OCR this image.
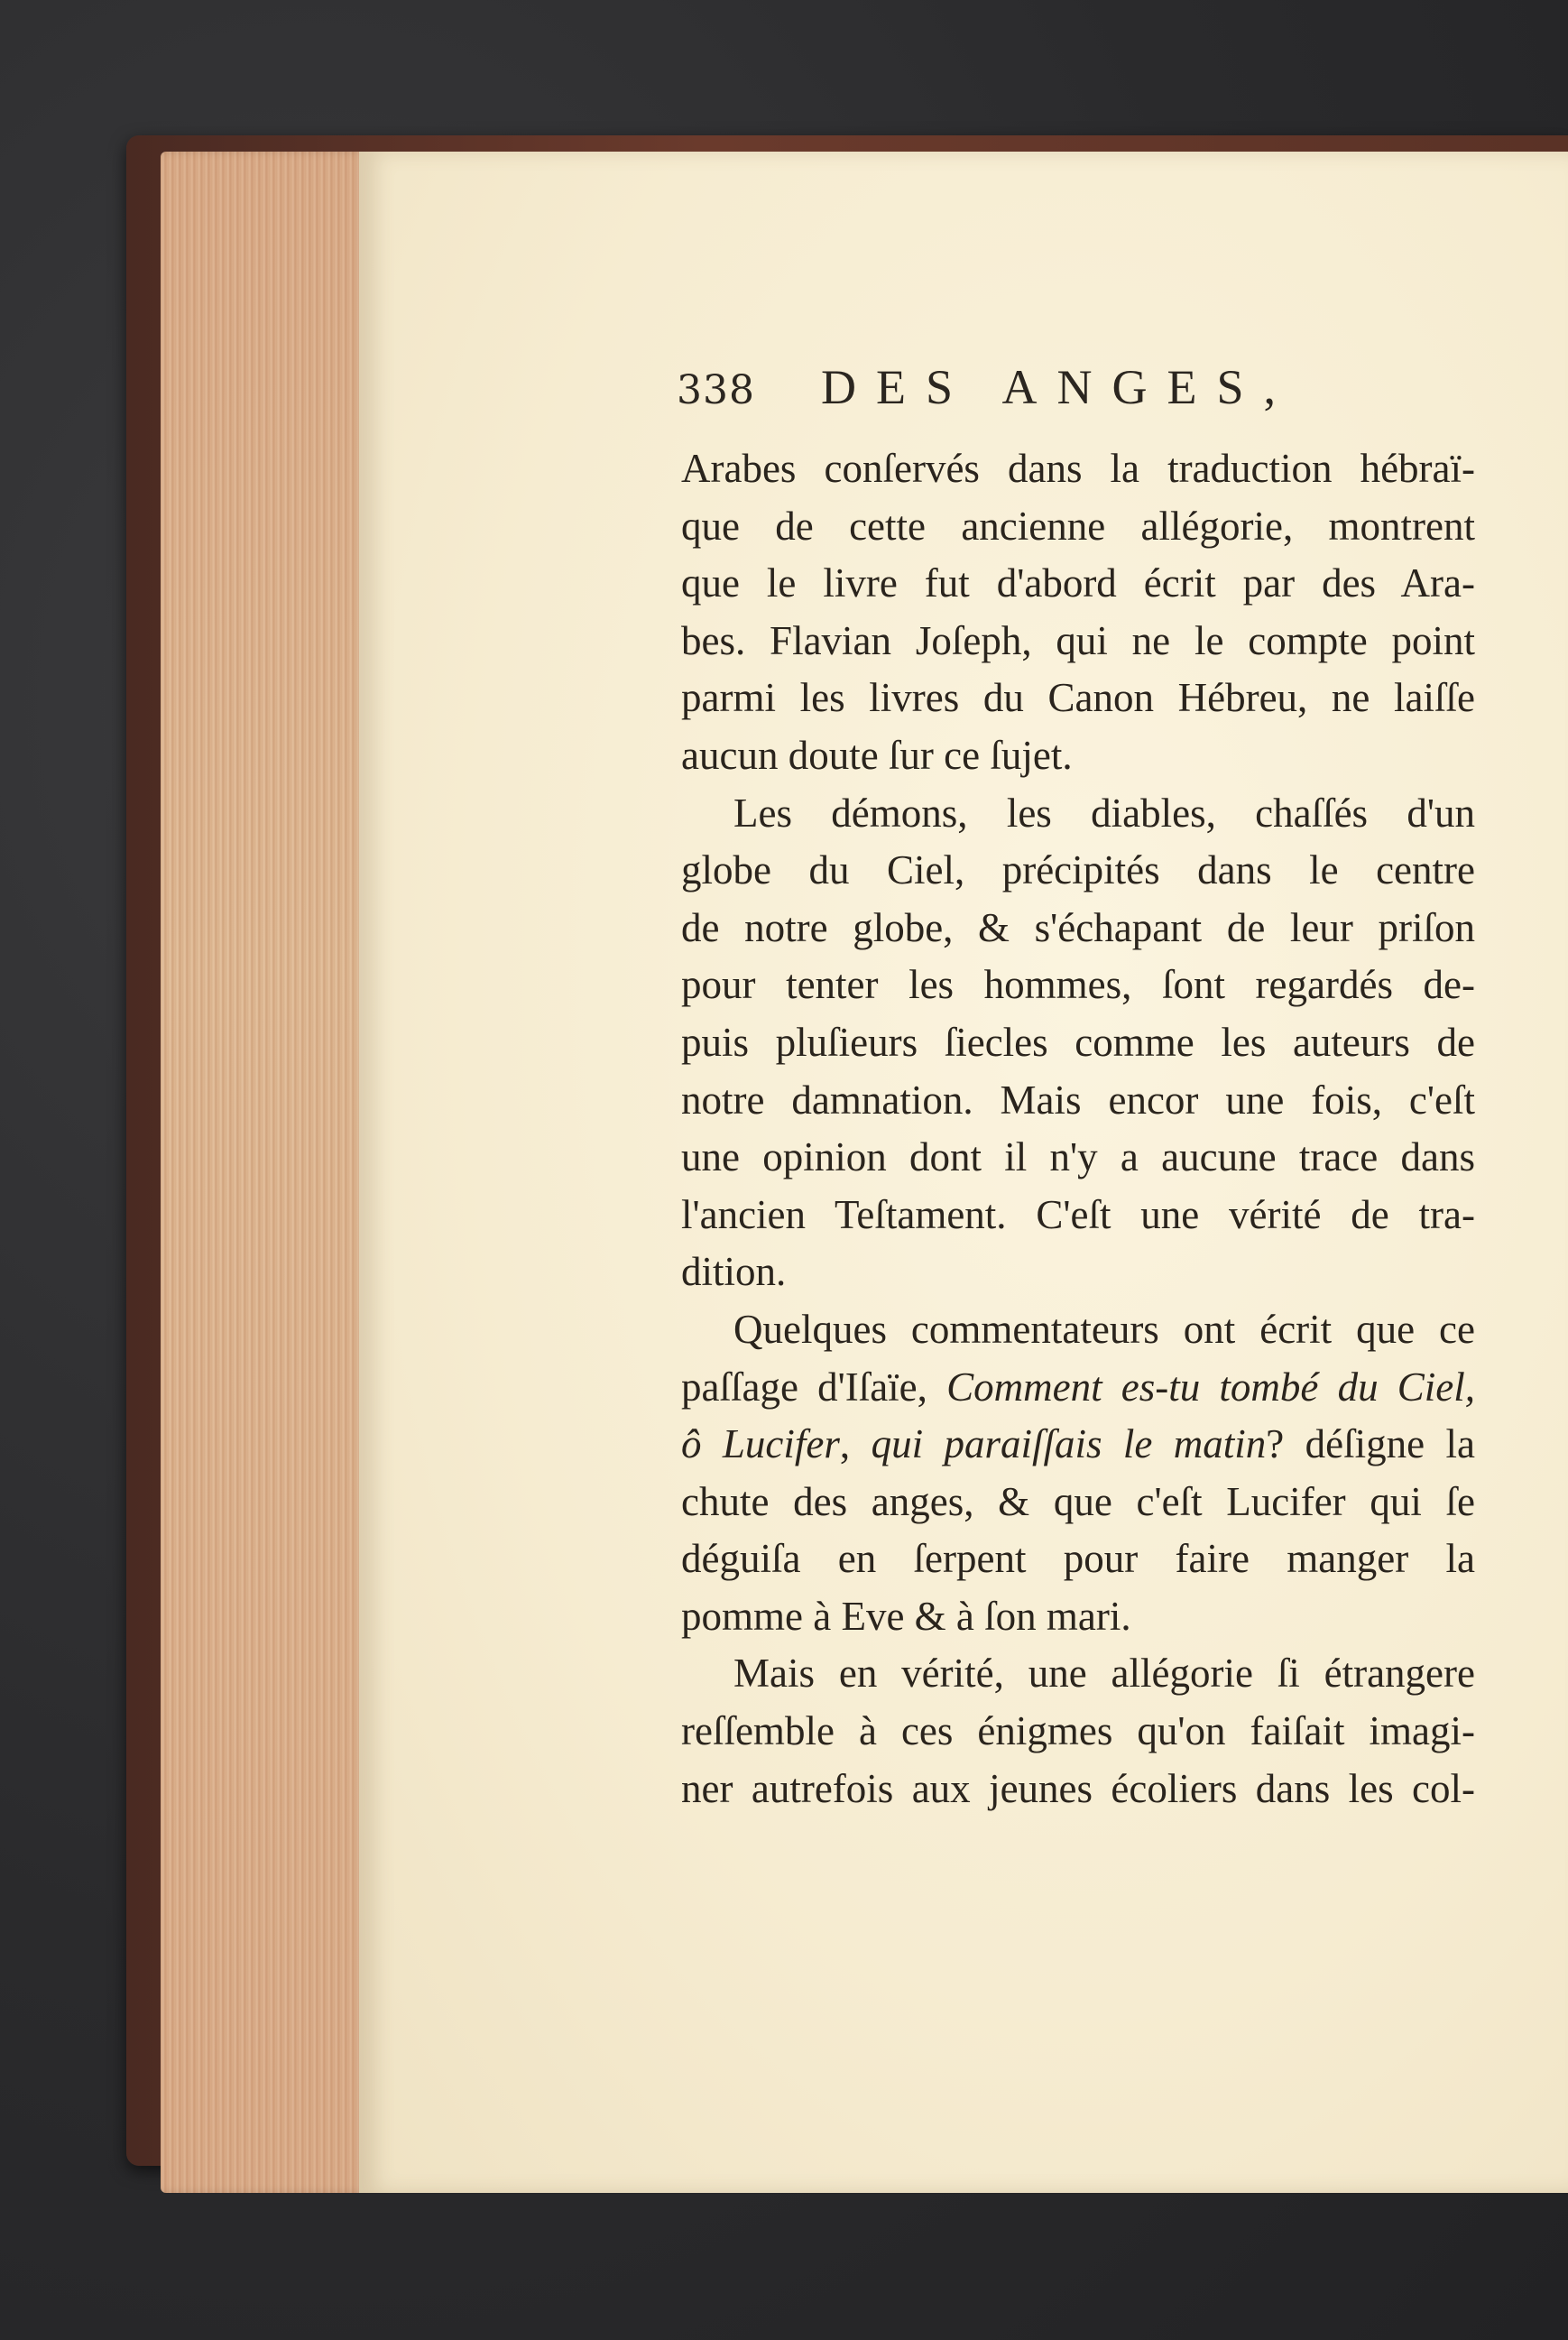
338	DES ANGES,
Arabes conſervés dans la traduction hébraï-
que de cette ancienne allégorie, montrent
que le livre fut d'abord écrit par des Ara-
bes. Flavian Joſeph, qui ne le compte point
parmi les livres du Canon Hébreu, ne laiſſe
aucun doute ſur ce ſujet.
Les démons, les diables, chaſſés d'un
globe du Ciel, précipités dans le centre
de notre globe, & s'échapant de leur priſon
pour tenter les hommes, ſont regardés de-
puis pluſieurs ſiecles comme les auteurs de
notre damnation. Mais encor une fois, c'eſt
une opinion dont il n'y a aucune trace dans
l'ancien Teſtament. C'eſt une vérité de tra-
dition.
Quelques commentateurs ont écrit que ce
paſſage d'Iſaïe, Comment es-tu tombé du Ciel,
ô Lucifer, qui paraiſſais le matin? déſigne la
chute des anges, & que c'eſt Lucifer qui ſe
déguiſa en ſerpent pour faire manger la
pomme à Eve & à ſon mari.
Mais en vérité, une allégorie ſi étrangere
reſſemble à ces énigmes qu'on faiſait imagi-
ner autrefois aux jeunes écoliers dans les col-
